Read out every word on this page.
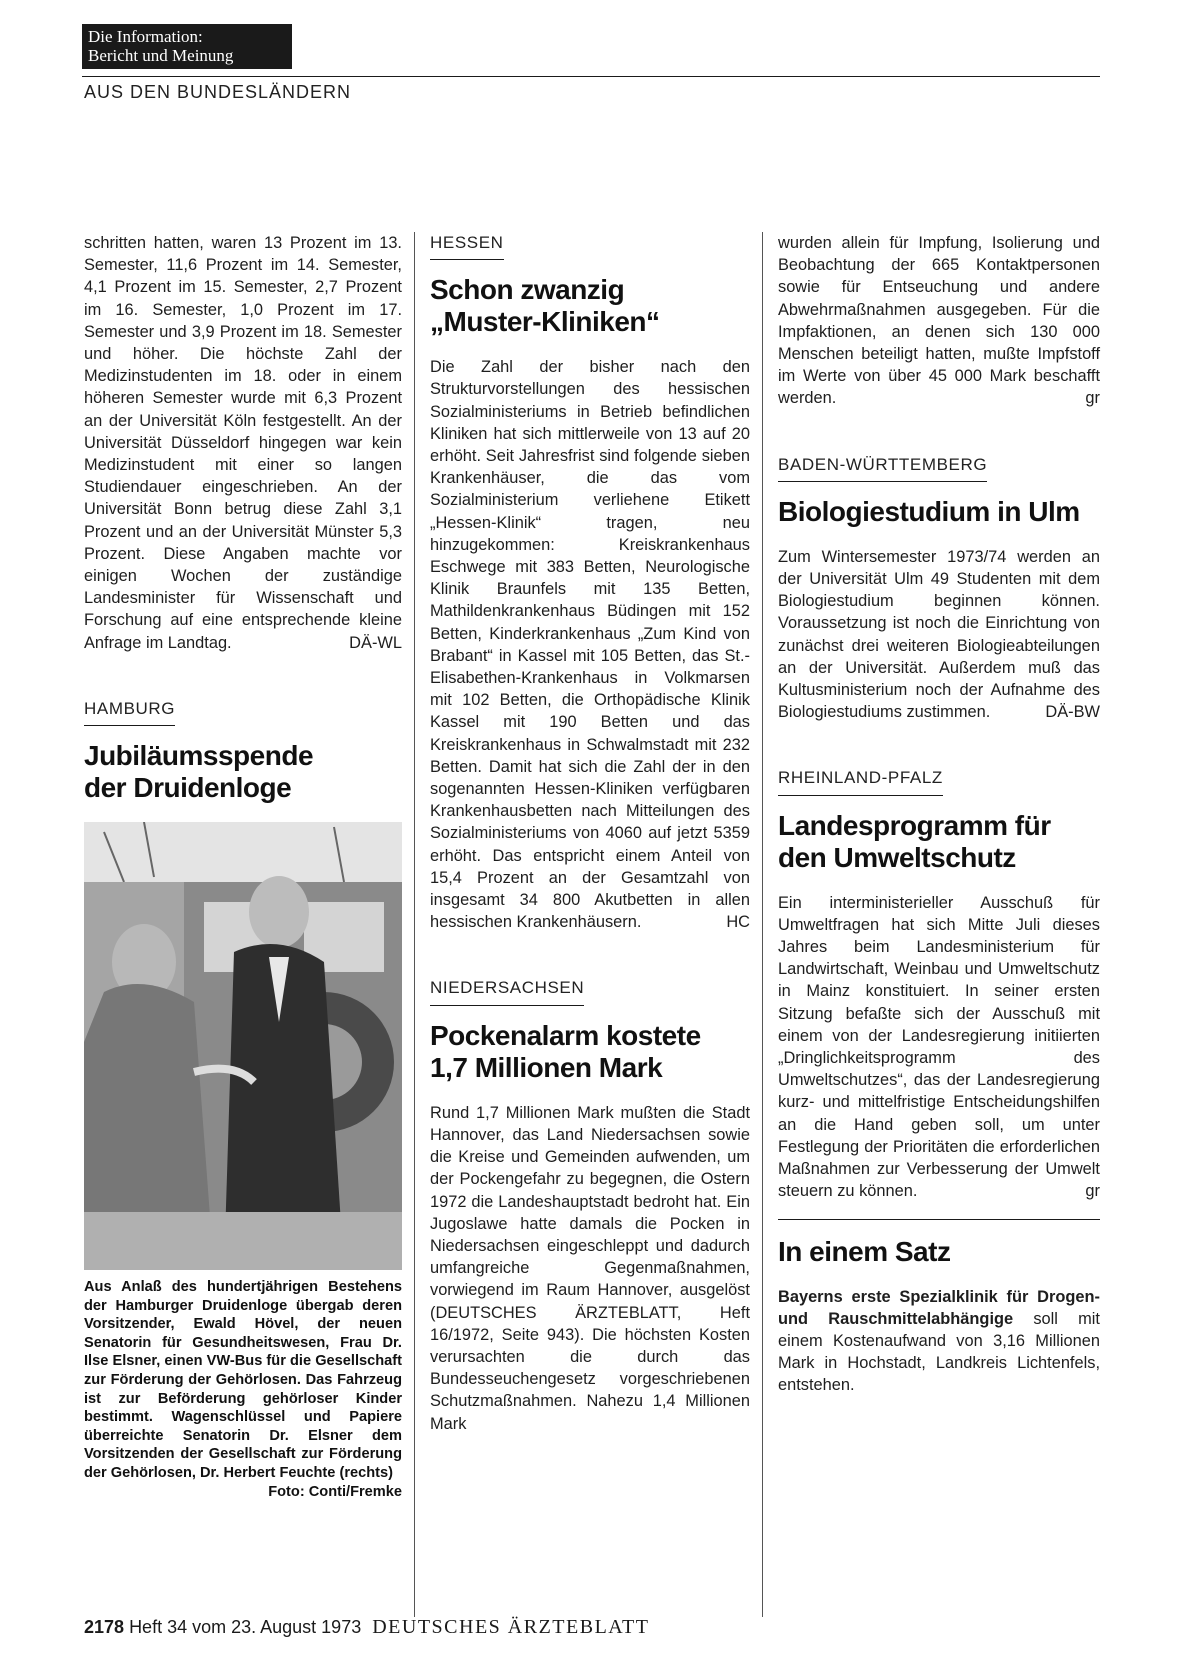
Die Information:
Bericht und Meinung
AUS DEN BUNDESLÄNDERN

schritten hatten, waren 13 Prozent im 13. Semester, 11,6 Prozent im 14. Semester, 4,1 Prozent im 15. Semester, 2,7 Prozent im 16. Semester, 1,0 Prozent im 17. Semester und 3,9 Prozent im 18. Semester und höher. Die höchste Zahl der Medizinstudenten im 18. oder in einem höheren Semester wurde mit 6,3 Prozent an der Universität Köln festgestellt. An der Universität Düsseldorf hingegen war kein Medizinstudent mit einer so langen Studiendauer eingeschrieben. An der Universität Bonn betrug diese Zahl 3,1 Prozent und an der Universität Münster 5,3 Prozent. Diese Angaben machte vor einigen Wochen der zuständige Landesminister für Wissenschaft und Forschung auf eine entsprechende kleine Anfrage im Landtag.	DÄ-WL

HAMBURG
Jubiläumsspende der Druidenloge

Aus Anlaß des hundertjährigen Bestehens der Hamburger Druidenloge übergab deren Vorsitzender, Ewald Hövel, der neuen Senatorin für Gesundheitswesen, Frau Dr. Ilse Elsner, einen VW-Bus für die Gesellschaft zur Förderung der Gehörlosen. Das Fahrzeug ist zur Beförderung gehörloser Kinder bestimmt. Wagenschlüssel und Papiere überreichte Senatorin Dr. Elsner dem Vorsitzenden der Gesellschaft zur Förderung der Gehörlosen, Dr. Herbert Feuchte (rechts)
Foto: Conti/Fremke

HESSEN
Schon zwanzig „Muster-Kliniken“

Die Zahl der bisher nach den Strukturvorstellungen des hessischen Sozialministeriums in Betrieb befindlichen Kliniken hat sich mittlerweile von 13 auf 20 erhöht. Seit Jahresfrist sind folgende sieben Krankenhäuser, die das vom Sozialministerium verliehene Etikett „Hessen-Klinik“ tragen, neu hinzugekommen: Kreiskrankenhaus Eschwege mit 383 Betten, Neurologische Klinik Braunfels mit 135 Betten, Mathildenkrankenhaus Büdingen mit 152 Betten, Kinderkrankenhaus „Zum Kind von Brabant“ in Kassel mit 105 Betten, das St.-Elisabethen-Krankenhaus in Volkmarsen mit 102 Betten, die Orthopädische Klinik Kassel mit 190 Betten und das Kreiskrankenhaus in Schwalmstadt mit 232 Betten. Damit hat sich die Zahl der in den sogenannten Hessen-Kliniken verfügbaren Krankenhausbetten nach Mitteilungen des Sozialministeriums von 4060 auf jetzt 5359 erhöht. Das entspricht einem Anteil von 15,4 Prozent an der Gesamtzahl von insgesamt 34 800 Akutbetten in allen hessischen Krankenhäusern.	HC

NIEDERSACHSEN
Pockenalarm kostete 1,7 Millionen Mark

Rund 1,7 Millionen Mark mußten die Stadt Hannover, das Land Niedersachsen sowie die Kreise und Gemeinden aufwenden, um der Pockengefahr zu begegnen, die Ostern 1972 die Landeshauptstadt bedroht hat. Ein Jugoslawe hatte damals die Pocken in Niedersachsen eingeschleppt und dadurch umfangreiche Gegenmaßnahmen, vorwiegend im Raum Hannover, ausgelöst (DEUTSCHES ÄRZTEBLATT, Heft 16/1972, Seite 943). Die höchsten Kosten verursachten die durch das Bundesseuchengesetz vorgeschriebenen Schutzmaßnahmen. Nahezu 1,4 Millionen Mark

wurden allein für Impfung, Isolierung und Beobachtung der 665 Kontaktpersonen sowie für Entseuchung und andere Abwehrmaßnahmen ausgegeben. Für die Impfaktionen, an denen sich 130 000 Menschen beteiligt hatten, mußte Impfstoff im Werte von über 45 000 Mark beschafft werden.	gr

BADEN-WÜRTTEMBERG
Biologiestudium in Ulm

Zum Wintersemester 1973/74 werden an der Universität Ulm 49 Studenten mit dem Biologiestudium beginnen können. Voraussetzung ist noch die Einrichtung von zunächst drei weiteren Biologieabteilungen an der Universität. Außerdem muß das Kultusministerium noch der Aufnahme des Biologiestudiums zustimmen.	DÄ-BW

RHEINLAND-PFALZ
Landesprogramm für den Umweltschutz

Ein interministerieller Ausschuß für Umweltfragen hat sich Mitte Juli dieses Jahres beim Landesministerium für Landwirtschaft, Weinbau und Umweltschutz in Mainz konstituiert. In seiner ersten Sitzung befaßte sich der Ausschuß mit einem von der Landesregierung initiierten „Dringlichkeitsprogramm des Umweltschutzes“, das der Landesregierung kurz- und mittelfristige Entscheidungshilfen an die Hand geben soll, um unter Festlegung der Prioritäten die erforderlichen Maßnahmen zur Verbesserung der Umwelt steuern zu können.	gr

In einem Satz

Bayerns erste Spezialklinik für Drogen- und Rauschmittelabhängige soll mit einem Kostenaufwand von 3,16 Millionen Mark in Hochstadt, Landkreis Lichtenfels, entstehen.

2178 Heft 34 vom 23. August 1973 DEUTSCHES ÄRZTEBLATT
